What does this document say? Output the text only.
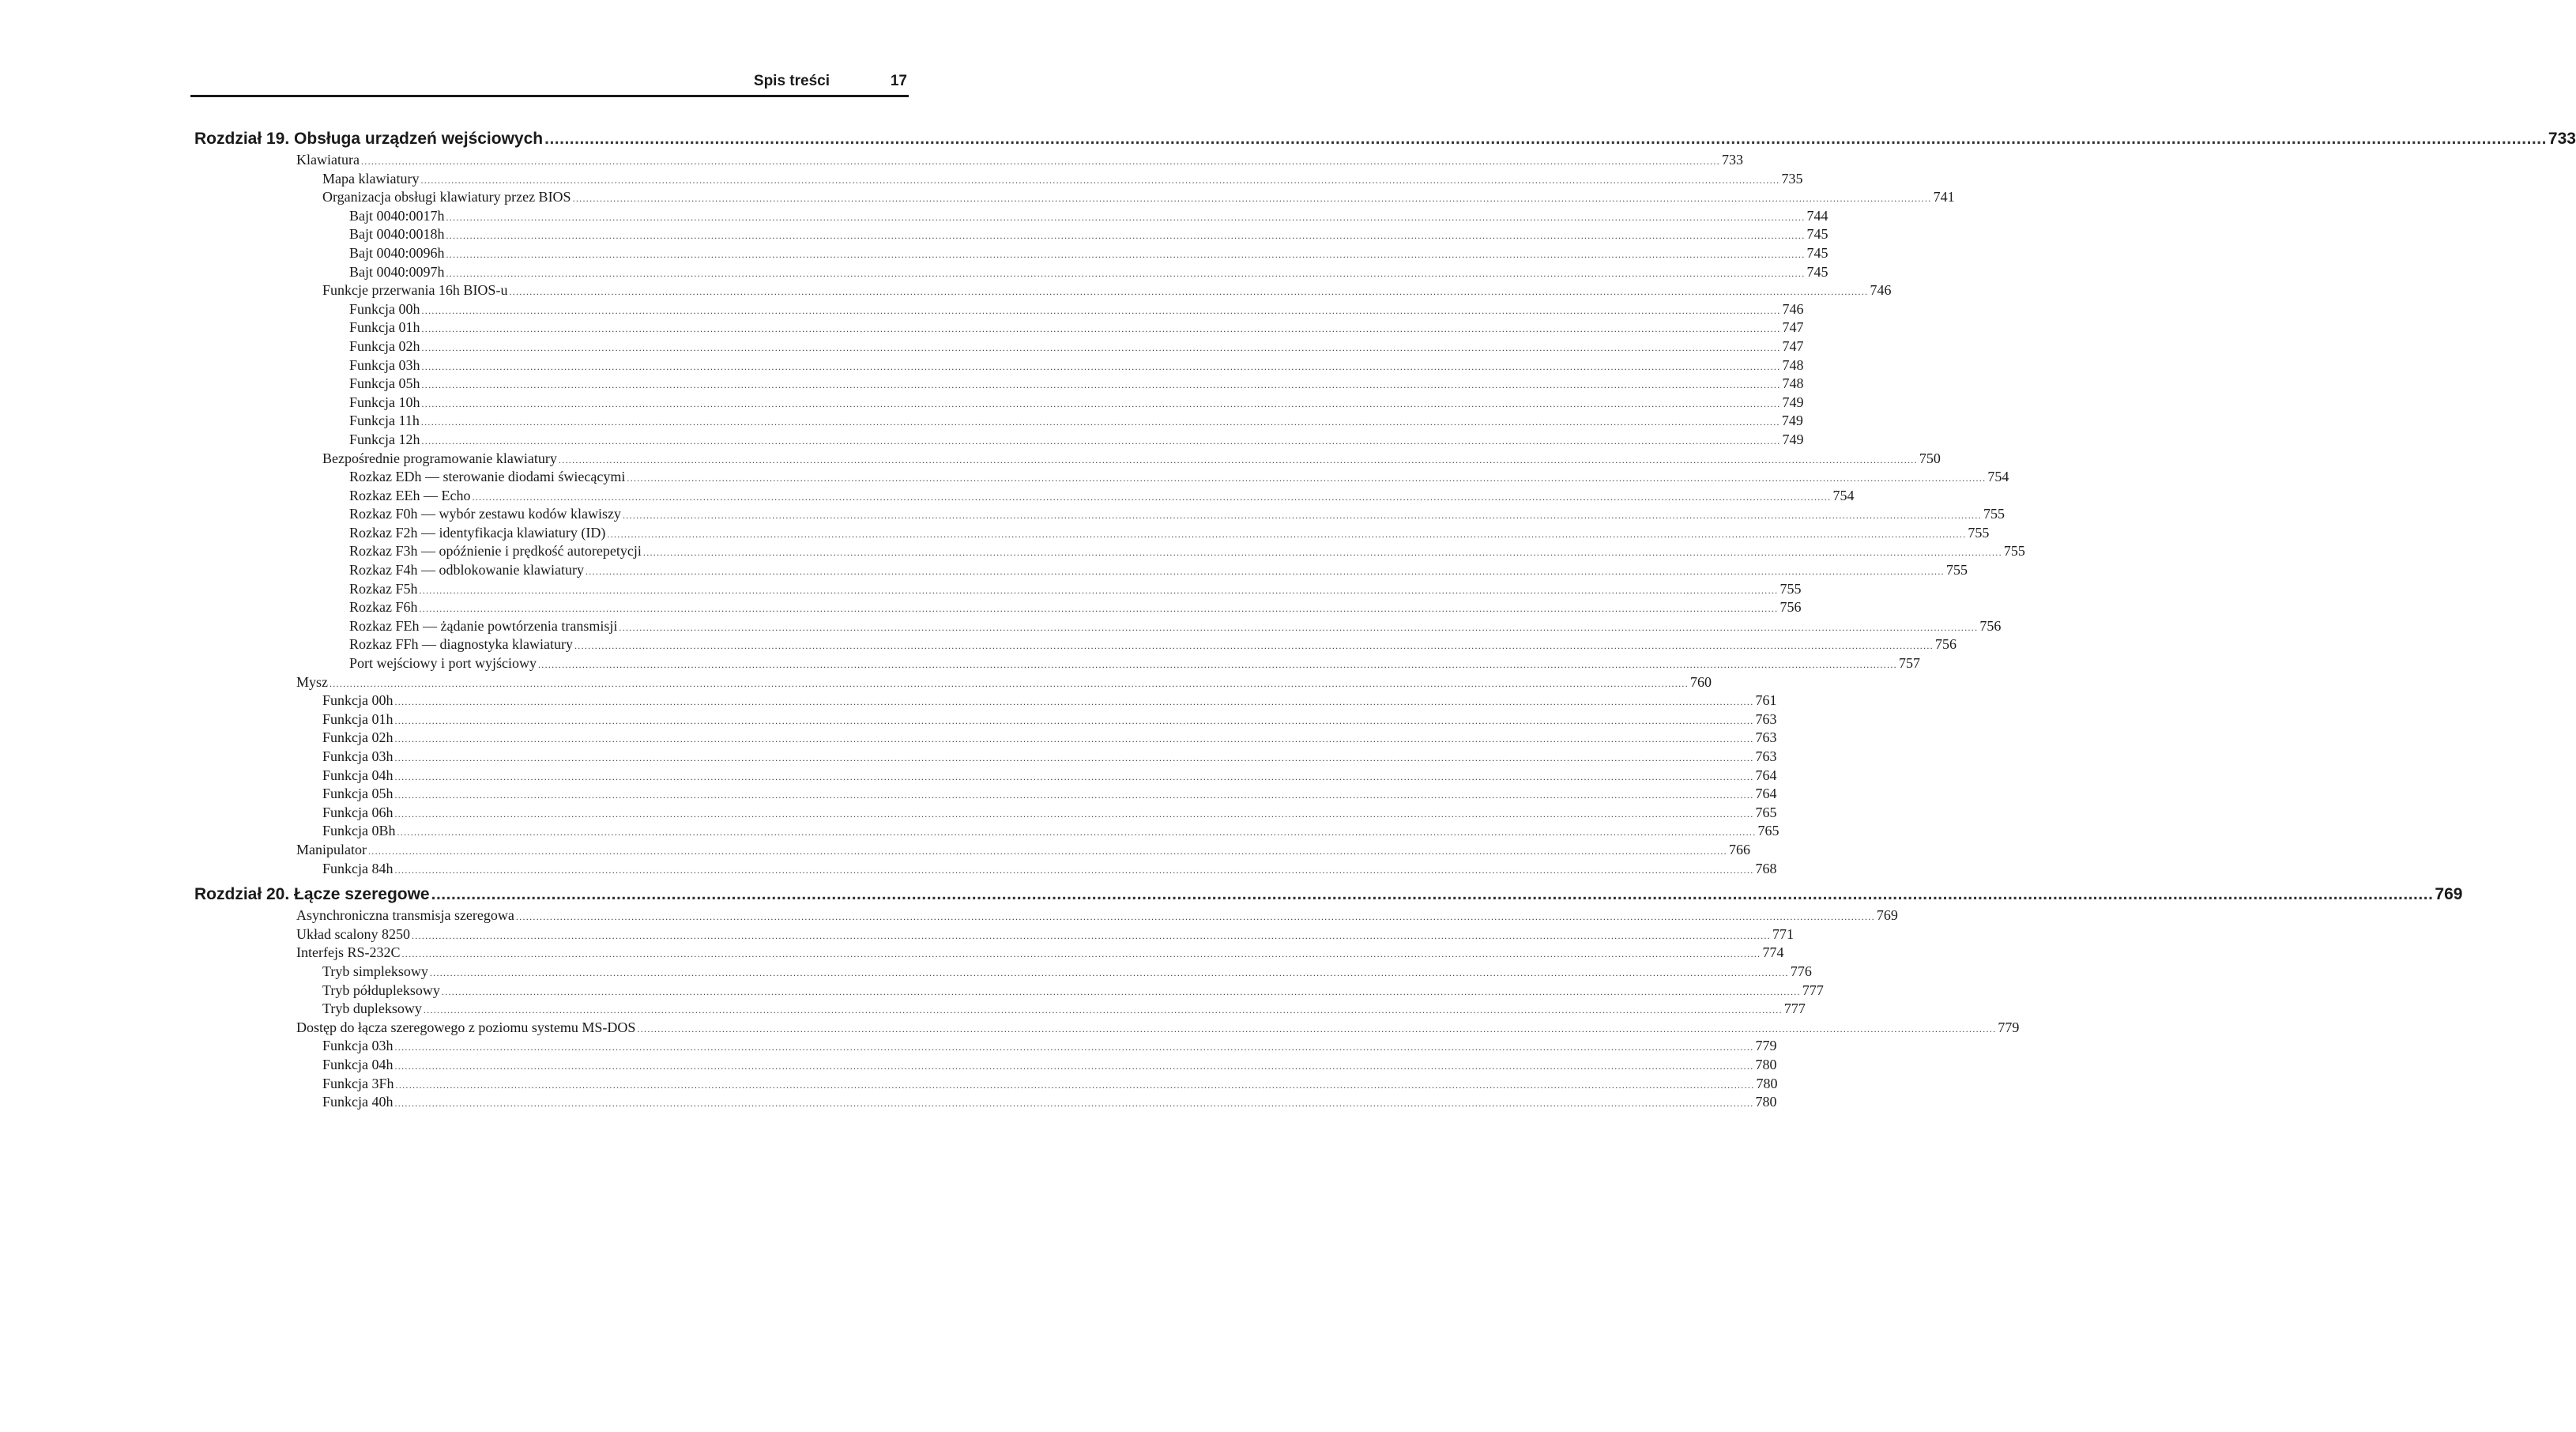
Spis treści	17
Rozdział 19. Obsługa urządzeń wejściowych ................................................................................................................................................................................................................................................................................................................................................................................................................ 733
Klawiatura ................................................................................................................................................................................................................................................................................................................................................................................................................ 733
Mapa klawiatury ................................................................................................................................................................................................................................................................................................................................................................................................................ 735
Organizacja obsługi klawiatury przez BIOS ................................................................................................................................................................................................................................................................................................................................................................................................................ 741
Bajt 0040:0017h ................................................................................................................................................................................................................................................................................................................................................................................................................ 744
Bajt 0040:0018h ................................................................................................................................................................................................................................................................................................................................................................................................................ 745
Bajt 0040:0096h ................................................................................................................................................................................................................................................................................................................................................................................................................ 745
Bajt 0040:0097h ................................................................................................................................................................................................................................................................................................................................................................................................................ 745
Funkcje przerwania 16h BIOS-u ................................................................................................................................................................................................................................................................................................................................................................................................................ 746
Funkcja 00h ................................................................................................................................................................................................................................................................................................................................................................................................................ 746
Funkcja 01h ................................................................................................................................................................................................................................................................................................................................................................................................................ 747
Funkcja 02h ................................................................................................................................................................................................................................................................................................................................................................................................................ 747
Funkcja 03h ................................................................................................................................................................................................................................................................................................................................................................................................................ 748
Funkcja 05h ................................................................................................................................................................................................................................................................................................................................................................................................................ 748
Funkcja 10h ................................................................................................................................................................................................................................................................................................................................................................................................................ 749
Funkcja 11h ................................................................................................................................................................................................................................................................................................................................................................................................................ 749
Funkcja 12h ................................................................................................................................................................................................................................................................................................................................................................................................................ 749
Bezpośrednie programowanie klawiatury ................................................................................................................................................................................................................................................................................................................................................................................................................ 750
Rozkaz EDh –– sterowanie diodami świecącymi ................................................................................................................................................................................................................................................................................................................................................................................................................ 754
Rozkaz EEh — Echo ................................................................................................................................................................................................................................................................................................................................................................................................................ 754
Rozkaz F0h — wybór zestawu kodów klawiszy ................................................................................................................................................................................................................................................................................................................................................................................................................ 755
Rozkaz F2h — identyfikacja klawiatury (ID) ................................................................................................................................................................................................................................................................................................................................................................................................................ 755
Rozkaz F3h — opóźnienie i prędkość autorepetycji ................................................................................................................................................................................................................................................................................................................................................................................................................ 755
Rozkaz F4h — odblokowanie klawiatury ................................................................................................................................................................................................................................................................................................................................................................................................................ 755
Rozkaz F5h ................................................................................................................................................................................................................................................................................................................................................................................................................ 755
Rozkaz F6h ................................................................................................................................................................................................................................................................................................................................................................................................................ 756
Rozkaz FEh — żądanie powtórzenia transmisji ................................................................................................................................................................................................................................................................................................................................................................................................................ 756
Rozkaz FFh — diagnostyka klawiatury ................................................................................................................................................................................................................................................................................................................................................................................................................ 756
Port wejściowy i port wyjściowy ................................................................................................................................................................................................................................................................................................................................................................................................................ 757
Mysz ................................................................................................................................................................................................................................................................................................................................................................................................................ 760
Funkcja 00h ................................................................................................................................................................................................................................................................................................................................................................................................................ 761
Funkcja 01h ................................................................................................................................................................................................................................................................................................................................................................................................................ 763
Funkcja 02h ................................................................................................................................................................................................................................................................................................................................................................................................................ 763
Funkcja 03h ................................................................................................................................................................................................................................................................................................................................................................................................................ 763
Funkcja 04h ................................................................................................................................................................................................................................................................................................................................................................................................................ 764
Funkcja 05h ................................................................................................................................................................................................................................................................................................................................................................................................................ 764
Funkcja 06h ................................................................................................................................................................................................................................................................................................................................................................................................................ 765
Funkcja 0Bh ................................................................................................................................................................................................................................................................................................................................................................................................................ 765
Manipulator ................................................................................................................................................................................................................................................................................................................................................................................................................ 766
Funkcja 84h ................................................................................................................................................................................................................................................................................................................................................................................................................ 768
Rozdział 20. Łącze szeregowe ................................................................................................................................................................................................................................................................................................................................................................................................................ 769
Asynchroniczna transmisja szeregowa ................................................................................................................................................................................................................................................................................................................................................................................................................ 769
Układ scalony 8250 ................................................................................................................................................................................................................................................................................................................................................................................................................ 771
Interfejs RS-232C ................................................................................................................................................................................................................................................................................................................................................................................................................ 774
Tryb simpleksowy ................................................................................................................................................................................................................................................................................................................................................................................................................ 776
Tryb półdupleksowy ................................................................................................................................................................................................................................................................................................................................................................................................................ 777
Tryb dupleksowy ................................................................................................................................................................................................................................................................................................................................................................................................................ 777
Dostęp do łącza szeregowego z poziomu systemu MS-DOS ................................................................................................................................................................................................................................................................................................................................................................................................................ 779
Funkcja 03h ................................................................................................................................................................................................................................................................................................................................................................................................................ 779
Funkcja 04h ................................................................................................................................................................................................................................................................................................................................................................................................................ 780
Funkcja 3Fh ................................................................................................................................................................................................................................................................................................................................................................................................................ 780
Funkcja 40h ................................................................................................................................................................................................................................................................................................................................................................................................................ 780
